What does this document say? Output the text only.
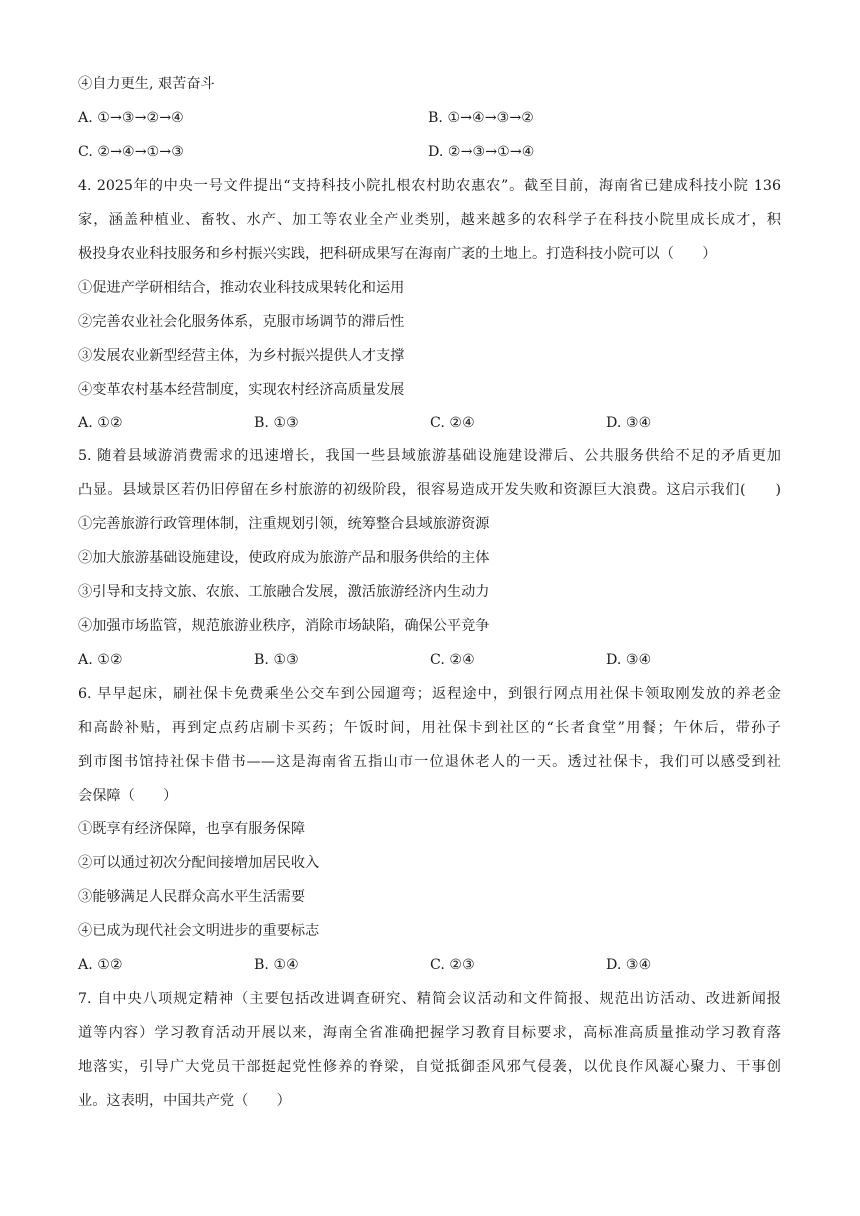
④自力更生, 艰苦奋斗
A. ①→③→②→④	B. ①→④→③→②
C. ②→④→①→③	D. ②→③→①→④
4. 2025年的中央一号文件提出“支持科技小院扎根农村助农惠农”。截至目前，海南省已建成科技小院 136
家，涵盖种植业、畜牧、水产、加工等农业全产业类别，越来越多的农科学子在科技小院里成长成才，积
极投身农业科技服务和乡村振兴实践，把科研成果写在海南广袤的土地上。打造科技小院可以（　　）
①促进产学研相结合，推动农业科技成果转化和运用
②完善农业社会化服务体系，克服市场调节的滞后性
③发展农业新型经营主体，为乡村振兴提供人才支撑
④变革农村基本经营制度，实现农村经济高质量发展
A. ①②	B. ①③	C. ②④	D. ③④
5. 随着县域游消费需求的迅速增长，我国一些县域旅游基础设施建设滞后、公共服务供给不足的矛盾更加
凸显。县域景区若仍旧停留在乡村旅游的初级阶段，很容易造成开发失败和资源巨大浪费。这启示我们(　　)
①完善旅游行政管理体制，注重规划引领，统筹整合县域旅游资源
②加大旅游基础设施建设，使政府成为旅游产品和服务供给的主体
③引导和支持文旅、农旅、工旅融合发展，激活旅游经济内生动力
④加强市场监管，规范旅游业秩序，消除市场缺陷，确保公平竞争
A. ①②	B. ①③	C. ②④	D. ③④
6. 早早起床，刷社保卡免费乘坐公交车到公园遛弯；返程途中，到银行网点用社保卡领取刚发放的养老金
和高龄补贴，再到定点药店刷卡买药；午饭时间，用社保卡到社区的“长者食堂”用餐；午休后，带孙子
到市图书馆持社保卡借书——这是海南省五指山市一位退休老人的一天。透过社保卡，我们可以感受到社
会保障（　　）
①既享有经济保障，也享有服务保障
②可以通过初次分配间接增加居民收入
③能够满足人民群众高水平生活需要
④已成为现代社会文明进步的重要标志
A. ①②	B. ①④	C. ②③	D. ③④
7. 自中央八项规定精神（主要包括改进调查研究、精简会议活动和文件简报、规范出访活动、改进新闻报
道等内容）学习教育活动开展以来，海南全省准确把握学习教育目标要求，高标准高质量推动学习教育落
地落实，引导广大党员干部挺起党性修养的脊梁，自觉抵御歪风邪气侵袭，以优良作风凝心聚力、干事创
业。这表明，中国共产党（　　）
